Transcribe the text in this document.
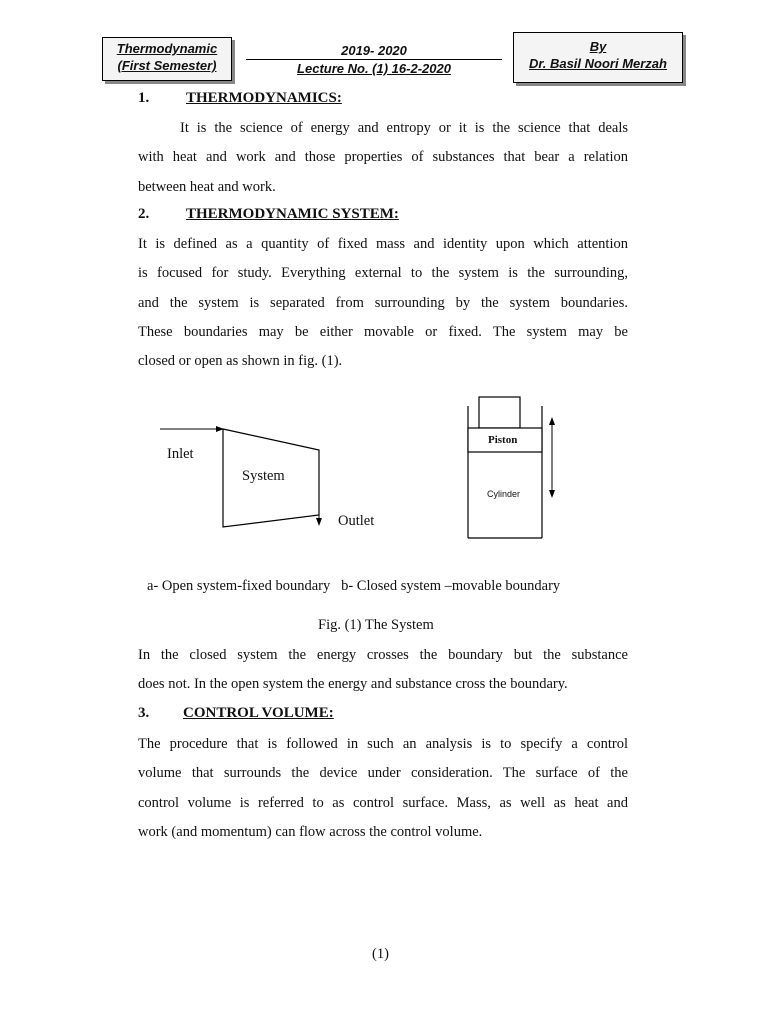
Thermodynamic
(First Semester)
2019- 2020
Lecture No. (1) 16-2-2020
By
Dr. Basil Noori Merzah
1. THERMODYNAMICS:
It is the science of energy and entropy or it is the science that deals
with heat and work and those properties of substances that bear a relation
between heat and work.
2. THERMODYNAMIC SYSTEM:
It is defined as a quantity of fixed mass and identity upon which attention
is focused for study. Everything external to the system is the surrounding,
and the system is separated from surrounding by the system boundaries.
These boundaries may be either movable or fixed. The system may be
closed or open as shown in fig. (1).
Inlet
System
Outlet
Piston
Cylinder
a- Open system-fixed boundary   b- Closed system –movable boundary
Fig. (1) The System
In the closed system the energy crosses the boundary but the substance
does not. In the open system the energy and substance cross the boundary.
3. CONTROL VOLUME:
The procedure that is followed in such an analysis is to specify a control
volume that surrounds the device under consideration. The surface of the
control volume is referred to as control surface. Mass, as well as heat and
work (and momentum) can flow across the control volume.
(1)
